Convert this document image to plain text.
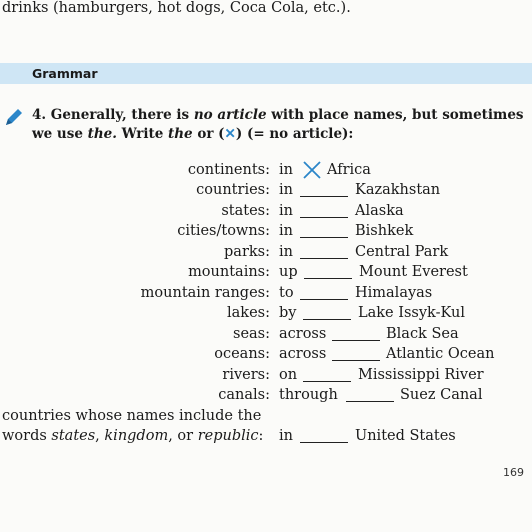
drinks (hamburgers, hot dogs, Coca Cola, etc.).
Grammar
4. Generally, there is no article with place names, but sometimes we use the. Write the or (✕) (= no article):
continents: in Africa
countries: in	Kazakhstan
states: in	Alaska
cities/towns: in	Bishkek
parks: in	Central Park
mountains: up	Mount Everest
mountain ranges: to	Himalayas
lakes: by	Lake Issyk-Kul
seas: across	Black Sea
oceans: across	Atlantic Ocean
rivers: on	Mississippi River
canals: through	Suez Canal
countries whose names include the
words states, kingdom, or republic: in	United States
169
